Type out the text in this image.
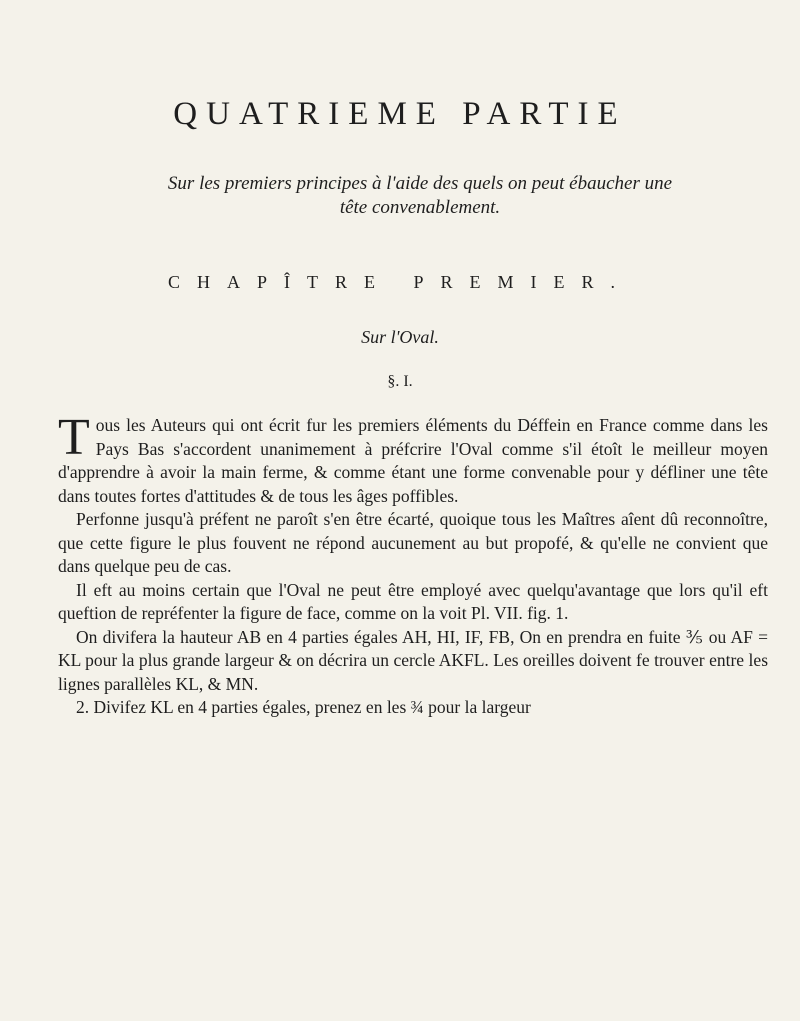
QUATRIEME PARTIE
Sur les premiers principes à l'aide des quels on peut ébaucher une tête convenablement.
CHAPÎTRE PREMIER.
Sur l'Oval.
§. I.

Tous les Auteurs qui ont écrit fur les premiers éléments du Déffein en France comme dans les Pays Bas s'accordent unanimement à préfcrire l'Oval comme s'il étoît le meilleur moyen d'apprendre à avoir la main ferme, & comme étant une forme convenable pour y défliner une tête dans toutes fortes d'attitudes & de tous les âges poffibles.

Perfonne jusqu'à préfent ne paroît s'en être écarté, quoique tous les Maîtres aîent dû reconnoître, que cette figure le plus fouvent ne répond aucunement au but propofé, & qu'elle ne convient que dans quelque peu de cas.

Il eft au moins certain que l'Oval ne peut être employé avec quelqu'avantage que lors qu'il eft queftion de repréfenter la figure de face, comme on la voit Pl. VII. fig. 1.

On divifera la hauteur AB en 4 parties égales AH, HI, IF, FB, On en prendra en fuite ⅗ ou AF = KL pour la plus grande largeur & on décrira un cercle AKFL. Les oreilles doivent fe trouver entre les lignes parallèles KL, & MN.

2. Divifez KL en 4 parties égales, prenez en les ¾ pour la largeur
